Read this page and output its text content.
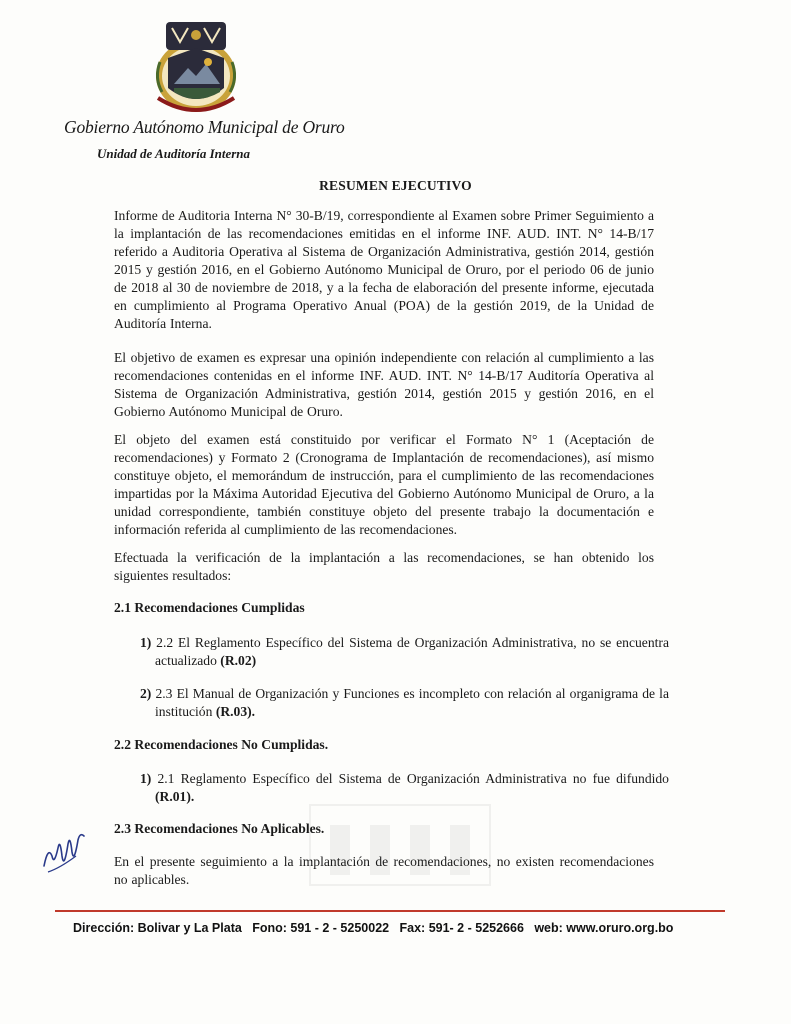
Gobierno Autónomo Municipal de Oruro

Unidad de Auditoría Interna

RESUMEN EJECUTIVO

Informe de Auditoria Interna N° 30-B/19, correspondiente al Examen sobre Primer Seguimiento a la implantación de las recomendaciones emitidas en el informe INF. AUD. INT. N° 14-B/17 referido a Auditoria Operativa al Sistema de Organización Administrativa, gestión 2014, gestión 2015 y gestión 2016, en el Gobierno Autónomo Municipal de Oruro, por el periodo 06 de junio de 2018 al 30 de noviembre de 2018, y a la fecha de elaboración del presente informe, ejecutada en cumplimiento al Programa Operativo Anual (POA) de la gestión 2019, de la Unidad de Auditoría Interna.

El objetivo de examen es expresar una opinión independiente con relación al cumplimiento a las recomendaciones contenidas en el informe INF. AUD. INT. N° 14-B/17 Auditoría Operativa al Sistema de Organización Administrativa, gestión 2014, gestión 2015 y gestión 2016, en el Gobierno Autónomo Municipal de Oruro.

El objeto del examen está constituido por verificar el Formato N° 1 (Aceptación de recomendaciones) y Formato 2 (Cronograma de Implantación de recomendaciones), así mismo constituye objeto, el memorándum de instrucción, para el cumplimiento de las recomendaciones impartidas por la Máxima Autoridad Ejecutiva del Gobierno Autónomo Municipal de Oruro, a la unidad correspondiente, también constituye objeto del presente trabajo la documentación e información referida al cumplimiento de las recomendaciones.

Efectuada la verificación de la implantación a las recomendaciones, se han obtenido los siguientes resultados:

2.1 Recomendaciones Cumplidas

1) 2.2 El Reglamento Específico del Sistema de Organización Administrativa, no se encuentra actualizado (R.02)

2) 2.3 El Manual de Organización y Funciones es incompleto con relación al organigrama de la institución (R.03).

2.2 Recomendaciones No Cumplidas.

1) 2.1 Reglamento Específico del Sistema de Organización Administrativa no fue difundido (R.01).

2.3 Recomendaciones No Aplicables.

En el presente seguimiento a la implantación de recomendaciones, no existen recomendaciones no aplicables.

Dirección: Bolivar y La Plata   Fono: 591 - 2 - 5250022   Fax: 591- 2 - 5252666   web: www.oruro.org.bo
